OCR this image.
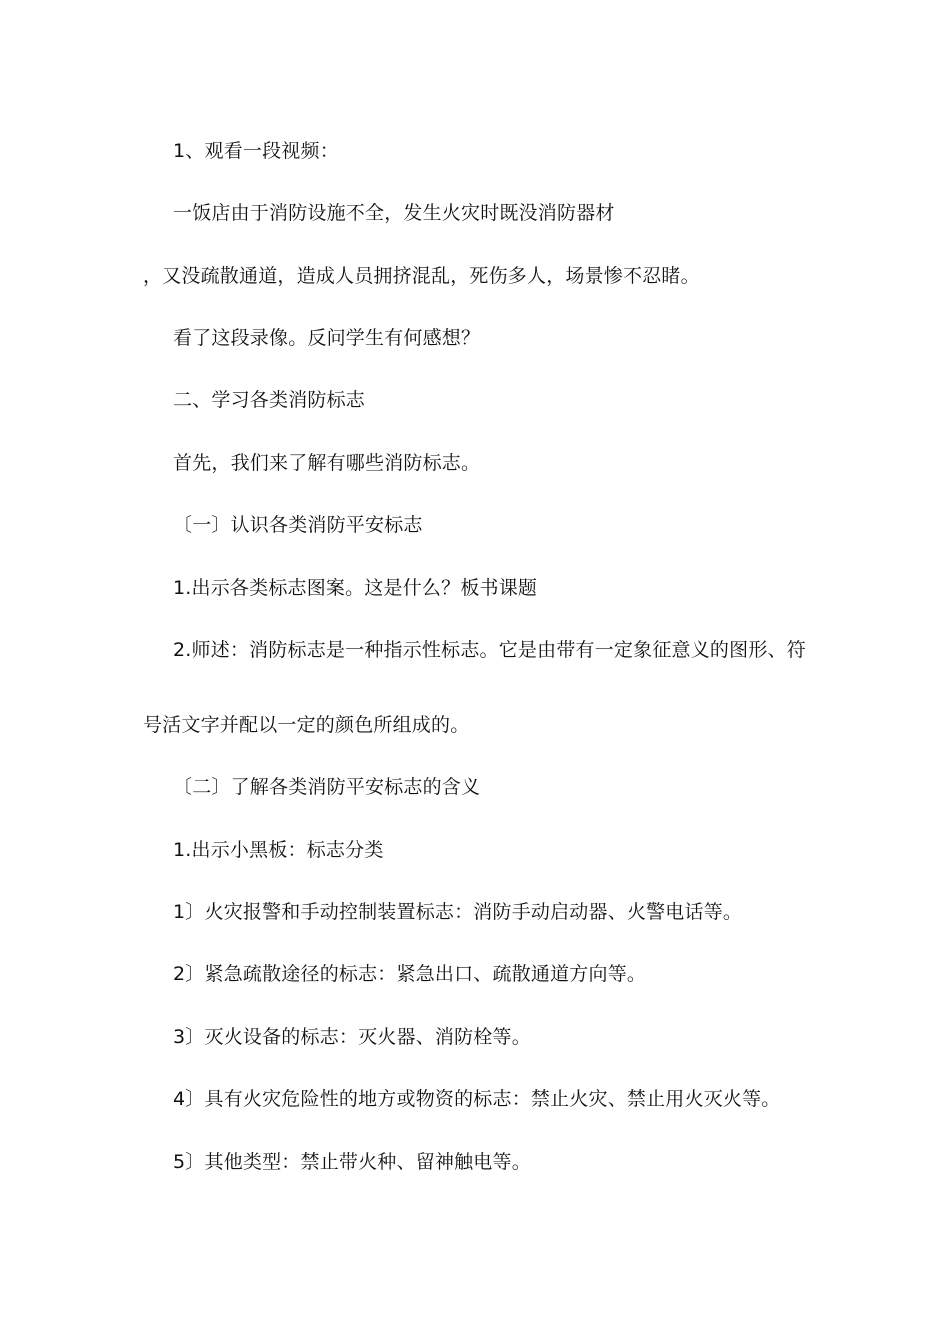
1、观看一段视频：
一饭店由于消防设施不全，发生火灾时既没消防器材
，又没疏散通道，造成人员拥挤混乱，死伤多人，场景惨不忍睹。
看了这段录像。反问学生有何感想？
二、学习各类消防标志
首先，我们来了解有哪些消防标志。
〔一〕认识各类消防平安标志
1.出示各类标志图案。这是什么？板书课题
2.师述：消防标志是一种指示性标志。它是由带有一定象征意义的图形、符
号活文字并配以一定的颜色所组成的。
〔二〕了解各类消防平安标志的含义
1.出示小黑板：标志分类
1〕火灾报警和手动控制装置标志：消防手动启动器、火警电话等。
2〕紧急疏散途径的标志：紧急出口、疏散通道方向等。
3〕灭火设备的标志：灭火器、消防栓等。
4〕具有火灾危险性的地方或物资的标志：禁止火灾、禁止用火灭火等。
5〕其他类型：禁止带火种、留神触电等。
